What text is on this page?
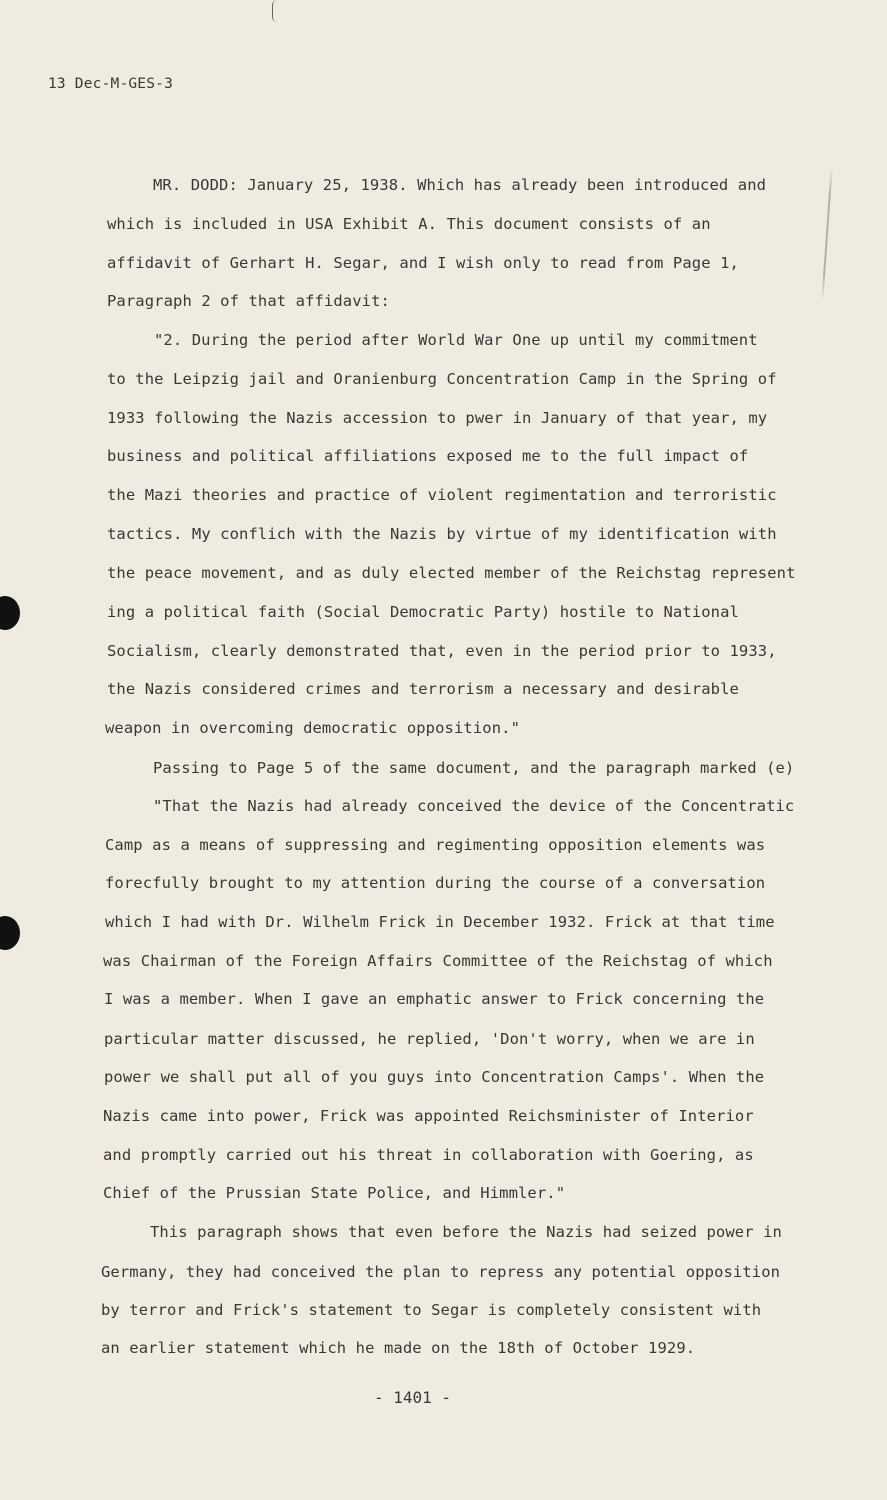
13 Dec-M-GES-3
MR. DODD: January 25, 1938. Which has already been introduced and
which is included in USA Exhibit A. This document consists of an
affidavit of Gerhart H. Segar, and I wish only to read from Page 1,
Paragraph 2 of that affidavit:
"2. During the period after World War One up until my commitment
to the Leipzig jail and Oranienburg Concentration Camp in the Spring of
1933 following the Nazis accession to pwer in January of that year, my
business and political affiliations exposed me to the full impact of
the Mazi theories and practice of violent regimentation and terroristic
tactics. My conflich with the Nazis by virtue of my identification with
the peace movement, and as duly elected member of the Reichstag represent
ing a political faith (Social Democratic Party) hostile to National
Socialism, clearly demonstrated that, even in the period prior to 1933,
the Nazis considered crimes and terrorism a necessary and desirable
weapon in overcoming democratic opposition."
Passing to Page 5 of the same document, and the paragraph marked (e)
"That the Nazis had already conceived the device of the Concentratic
Camp as a means of suppressing and regimenting opposition elements was
forecfully brought to my attention during the course of a conversation
which I had with Dr. Wilhelm Frick in December 1932. Frick at that time
was Chairman of the Foreign Affairs Committee of the Reichstag of which
I was a member. When I gave an emphatic answer to Frick concerning the
particular matter discussed, he replied, 'Don't worry, when we are in
power we shall put all of you guys into Concentration Camps'. When the
Nazis came into power, Frick was appointed Reichsminister of Interior
and promptly carried out his threat in collaboration with Goering, as
Chief of the Prussian State Police, and Himmler."
This paragraph shows that even before the Nazis had seized power in
Germany, they had conceived the plan to repress any potential opposition
by terror and Frick's statement to Segar is completely consistent with
an earlier statement which he made on the 18th of October 1929.
- 1401 -
